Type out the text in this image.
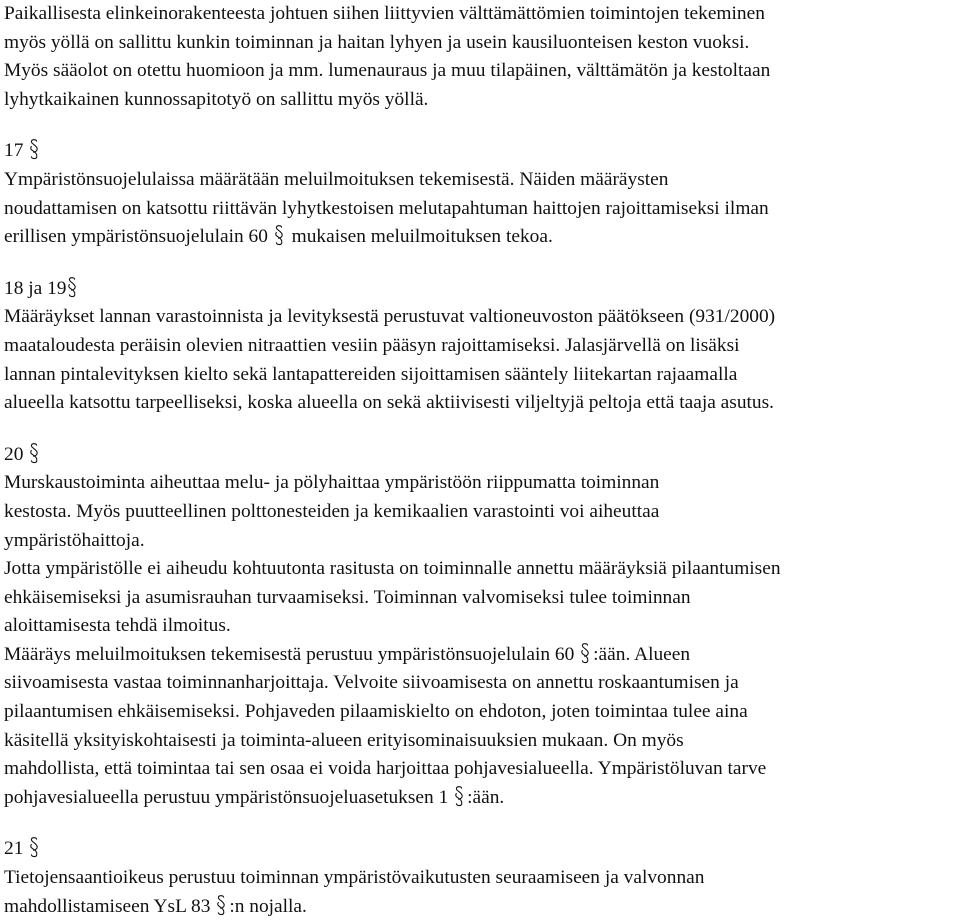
Paikallisesta elinkeinorakenteesta johtuen siihen liittyvien välttämättömien toimintojen tekeminen
myös yöllä on sallittu kunkin toiminnan ja haitan lyhyen ja usein kausiluonteisen keston vuoksi.
Myös sääolot on otettu huomioon ja mm. lumenauraus ja muu tilapäinen, välttämätön ja kestoltaan
lyhytkaikainen kunnossapitotyö on sallittu myös yöllä.
17
Ympäristönsuojelulaissa määrätään meluilmoituksen tekemisestä. Näiden määräysten
noudattamisen on katsottu riittävän lyhytkestoisen melutapahtuman haittojen rajoittamiseksi ilman
erillisen ympäristönsuojelulain 60 mukaisen meluilmoituksen tekoa.
18 ja 19
Määräykset lannan varastoinnista ja levityksestä perustuvat valtioneuvoston päätökseen (931/2000)
maataloudesta peräisin olevien nitraattien vesiin pääsyn rajoittamiseksi. Jalasjärvellä on lisäksi
lannan pintalevityksen kielto sekä lantapattereiden sijoittamisen sääntely liitekartan rajaamalla
alueella katsottu tarpeelliseksi, koska alueella on sekä aktiivisesti viljeltyjä peltoja että taaja asutus.
20
Murskaustoiminta aiheuttaa melu- ja pölyhaittaa ympäristöön riippumatta toiminnan
kestosta. Myös puutteellinen polttonesteiden ja kemikaalien varastointi voi aiheuttaa
ympäristöhaittoja.
Jotta ympäristölle ei aiheudu kohtuutonta rasitusta on toiminnalle annettu määräyksiä pilaantumisen
ehkäisemiseksi ja asumisrauhan turvaamiseksi. Toiminnan valvomiseksi tulee toiminnan
aloittamisesta tehdä ilmoitus.
Määräys meluilmoituksen tekemisestä perustuu ympäristönsuojelulain 60 :ään. Alueen
siivoamisesta vastaa toiminnanharjoittaja. Velvoite siivoamisesta on annettu roskaantumisen ja
pilaantumisen ehkäisemiseksi. Pohjaveden pilaamiskielto on ehdoton, joten toimintaa tulee aina
käsitellä yksityiskohtaisesti ja toiminta-alueen erityisominaisuuksien mukaan. On myös
mahdollista, että toimintaa tai sen osaa ei voida harjoittaa pohjavesialueella. Ympäristöluvan tarve
pohjavesialueella perustuu ympäristönsuojeluasetuksen 1 :ään.
21
Tietojensaantioikeus perustuu toiminnan ympäristövaikutusten seuraamiseen ja valvonnan
mahdollistamiseen YsL 83 :n nojalla.
